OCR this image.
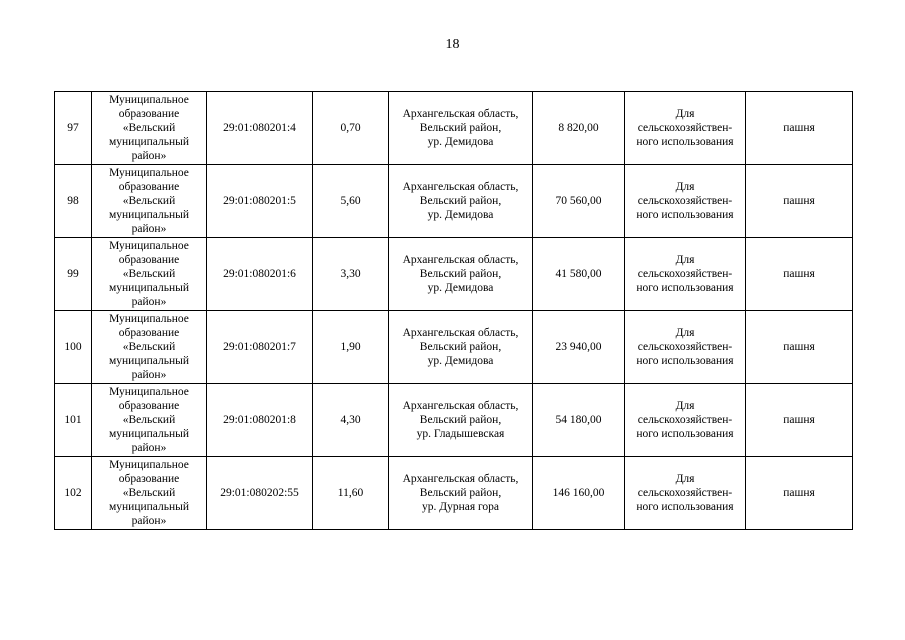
18
97	Муниципальное
образование
«Вельский
муниципальный
район»	29:01:080201:4	0,70	Архангельская область,
Вельский район,
ур. Демидова	8 820,00	Для
сельскохозяйствен-
ного использования	пашня
98	Муниципальное
образование
«Вельский
муниципальный
район»	29:01:080201:5	5,60	Архангельская область,
Вельский район,
ур. Демидова	70 560,00	Для
сельскохозяйствен-
ного использования	пашня
99	Муниципальное
образование
«Вельский
муниципальный
район»	29:01:080201:6	3,30	Архангельская область,
Вельский район,
ур. Демидова	41 580,00	Для
сельскохозяйствен-
ного использования	пашня
100	Муниципальное
образование
«Вельский
муниципальный
район»	29:01:080201:7	1,90	Архангельская область,
Вельский район,
ур. Демидова	23 940,00	Для
сельскохозяйствен-
ного использования	пашня
101	Муниципальное
образование
«Вельский
муниципальный
район»	29:01:080201:8	4,30	Архангельская область,
Вельский район,
ур. Гладышевская	54 180,00	Для
сельскохозяйствен-
ного использования	пашня
102	Муниципальное
образование
«Вельский
муниципальный
район»	29:01:080202:55	11,60	Архангельская область,
Вельский район,
ур. Дурная гора	146 160,00	Для
сельскохозяйствен-
ного использования	пашня
